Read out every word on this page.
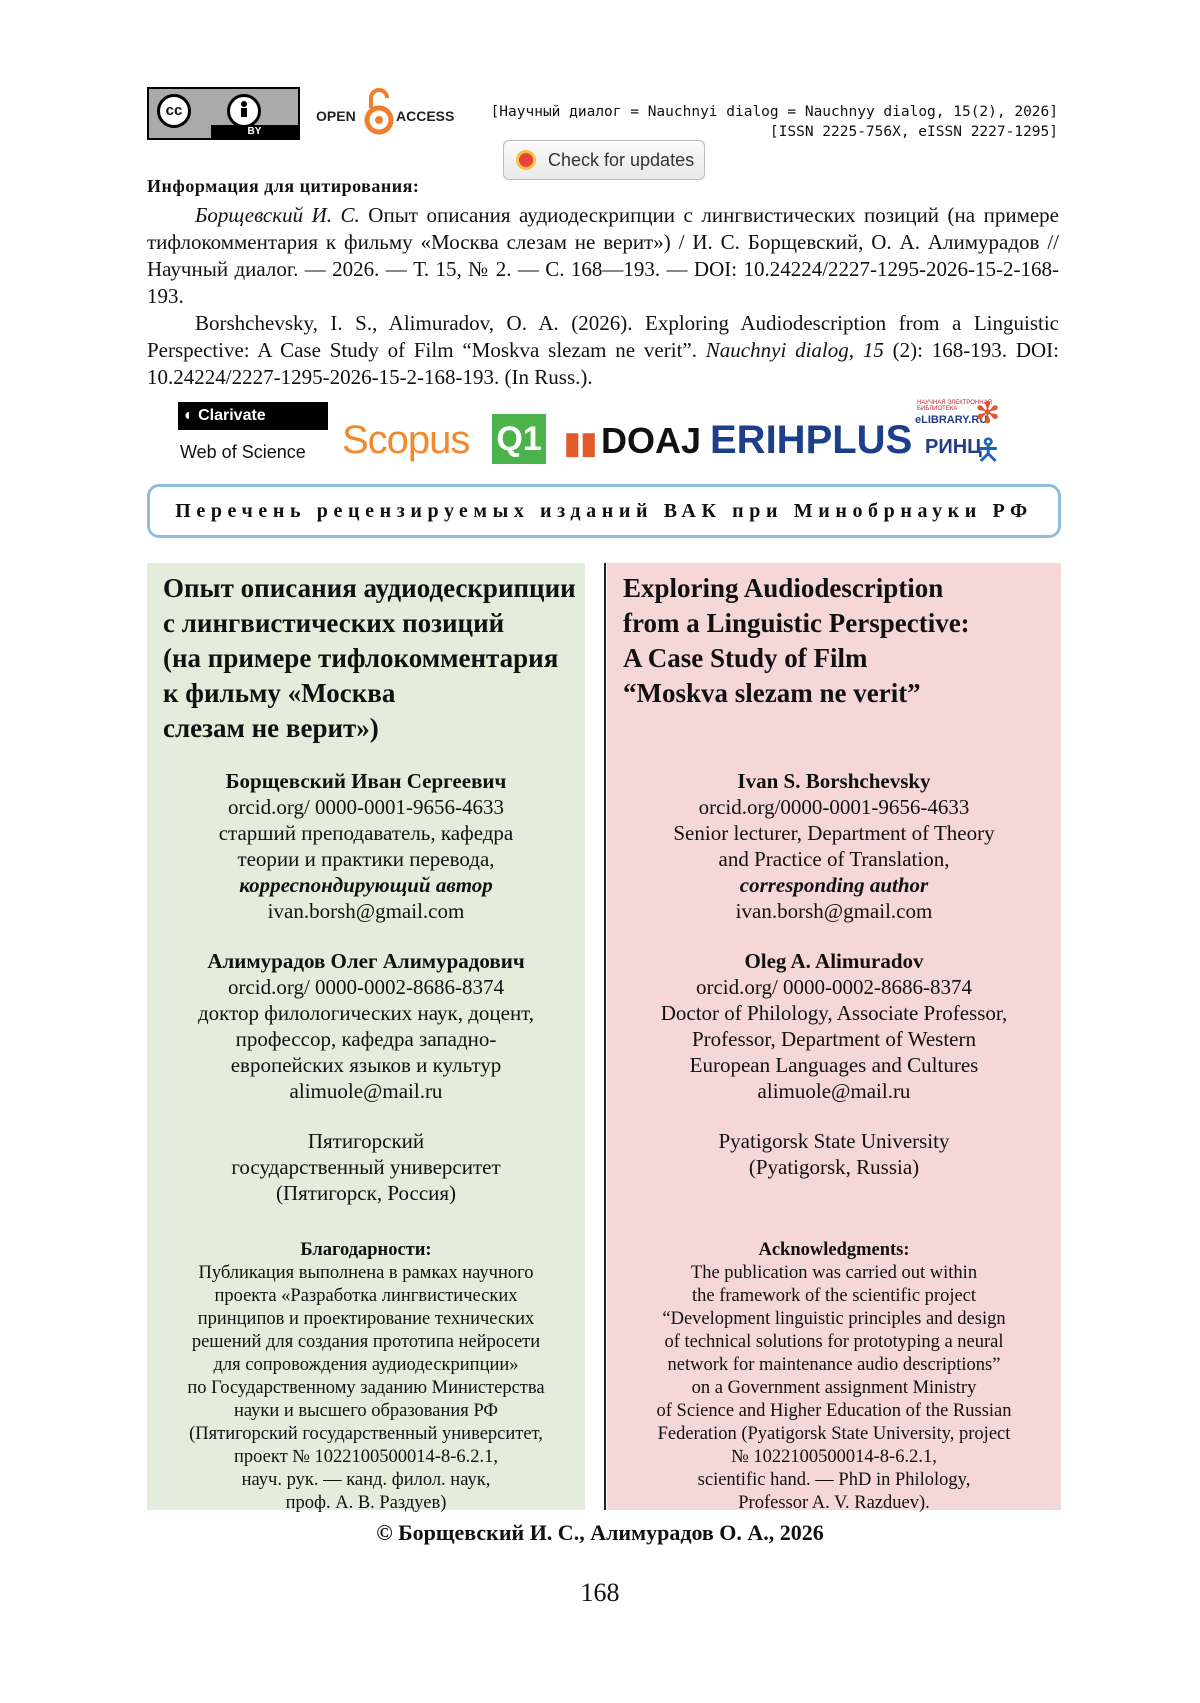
cc
BY
OPEN	ACCESS [Научный диалог = Nauchnyi dialog = Nauchnyy dialog, 15(2), 2026]
[ISSN 2225-756X, eISSN 2227-1295]
Check for updates
Информация для цитирования:
Борщевский И. С. Опыт описания аудиодескрипции с лингвистических позиций (на примере тифлокомментария к фильму «Москва слезам не верит») / И. С. Борщевский, О. А. Алимурадов // Научный диалог. — 2026. — Т. 15, № 2. — С. 168—193. — DOI: 10.24224/2227-1295-2026-15-2-168-193.
Borshchevsky, I. S., Alimuradov, O. A. (2026). Exploring Audiodescription from a Linguistic Perspective: A Case Study of Film “Moskva slezam ne verit”. Nauchnyi dialog, 15 (2): 168-193. DOI: 10.24224/2227-1295-2026-15-2-168-193. (In Russ.).
◐ Clarivate
Web of Science Scopus Q1 ▮▮ DOAJ ERIHPLUS
НАУЧНАЯ ЭЛЕКТРОННАЯ БИБЛИОТЕКА
eLIBRARY.RU
РИНЦ
✻
🯅
Перечень рецензируемых изданий ВАК при Минобрнауки РФ
Опыт описания аудиодескрипции
с лингвистических позиций
(на примере тифлокомментария
к фильму «Москва
слезам не верит»)
Борщевский Иван Сергеевич
orcid.org/ 0000-0001-9656-4633
старший преподаватель, кафедра
теории и практики перевода,
корреспондирующий автор
ivan.borsh@gmail.com
Алимурадов Олег Алимурадович
orcid.org/ 0000-0002-8686-8374
доктор филологических наук, доцент,
профессор, кафедра западно-
европейских языков и культур
alimuole@mail.ru
Пятигорский
государственный университет
(Пятигорск, Россия)
Благодарности:
Публикация выполнена в рамках научного
проекта «Разработка лингвистических
принципов и проектирование технических
решений для создания прототипа нейросети
для сопровождения аудиодескрипции»
по Государственному заданию Министерства
науки и высшего образования РФ
(Пятигорский государственный университет,
проект № 1022100500014-8-6.2.1,
науч. рук. — канд. филол. наук,
проф. А. В. Раздуев)
Exploring Audiodescription
from a Linguistic Perspective:
A Case Study of Film
“Moskva slezam ne verit”
Ivan S. Borshchevsky
orcid.org/0000-0001-9656-4633
Senior lecturer, Department of Theory
and Practice of Translation,
corresponding author
ivan.borsh@gmail.com
Oleg A. Alimuradov
orcid.org/ 0000-0002-8686-8374
Doctor of Philology, Associate Professor,
Professor, Department of Western
European Languages and Cultures
alimuole@mail.ru
Pyatigorsk State University
(Pyatigorsk, Russia)
Acknowledgments:
The publication was carried out within
the framework of the scientific project
“Development linguistic principles and design
of technical solutions for prototyping a neural
network for maintenance audio descriptions”
on a Government assignment Ministry
of Science and Higher Education of the Russian
Federation (Pyatigorsk State University, project
№ 1022100500014-8-6.2.1,
scientific hand. — PhD in Philology,
Professor A. V. Razduev).
© Борщевский И. С., Алимурадов О. А., 2026
168
